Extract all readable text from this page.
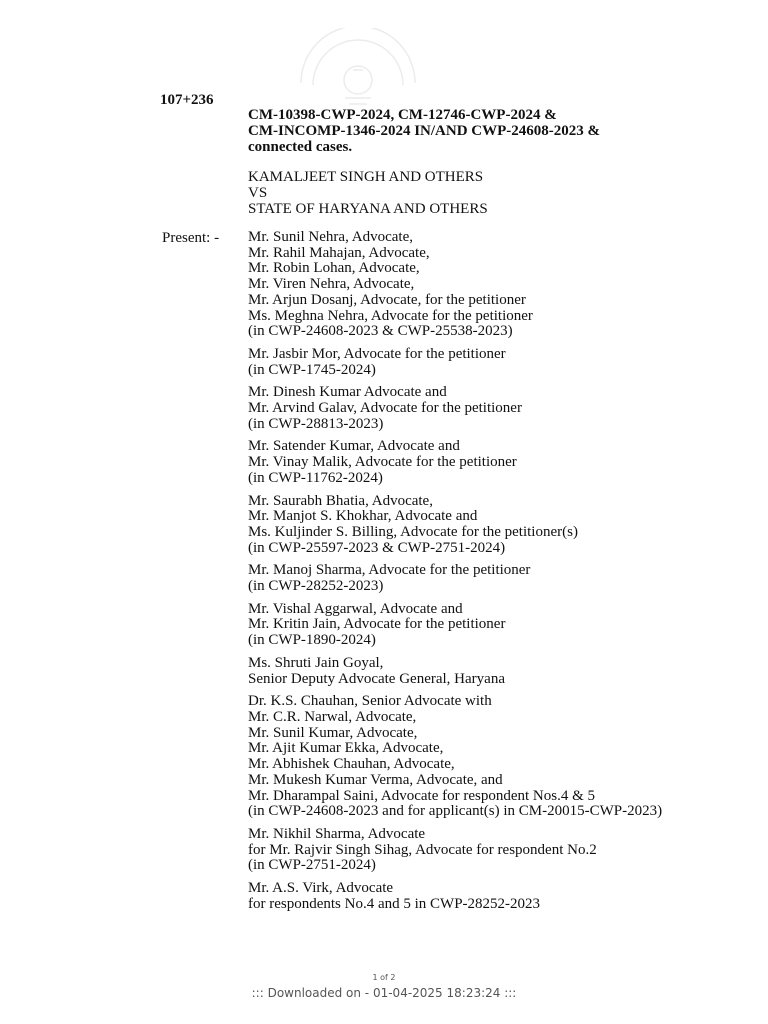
107+236
CM-10398-CWP-2024, CM-12746-CWP-2024 &
CM-INCOMP-1346-2024 IN/AND CWP-24608-2023 &
connected cases.
KAMALJEET SINGH AND OTHERS
VS
STATE OF HARYANA AND OTHERS
Present: - Mr. Sunil Nehra, Advocate,
Mr. Rahil Mahajan, Advocate,
Mr. Robin Lohan, Advocate,
Mr. Viren Nehra, Advocate,
Mr. Arjun Dosanj, Advocate, for the petitioner
Ms. Meghna Nehra, Advocate for the petitioner
(in CWP-24608-2023 & CWP-25538-2023)
Mr. Jasbir Mor, Advocate for the petitioner
(in CWP-1745-2024)
Mr. Dinesh Kumar Advocate and
Mr. Arvind Galav, Advocate for the petitioner
(in CWP-28813-2023)
Mr. Satender Kumar, Advocate and
Mr. Vinay Malik, Advocate for the petitioner
(in CWP-11762-2024)
Mr. Saurabh Bhatia, Advocate,
Mr. Manjot S. Khokhar, Advocate and
Ms. Kuljinder S. Billing, Advocate for the petitioner(s)
(in CWP-25597-2023 & CWP-2751-2024)
Mr. Manoj Sharma, Advocate for the petitioner
(in CWP-28252-2023)
Mr. Vishal Aggarwal, Advocate and
Mr. Kritin Jain, Advocate for the petitioner
(in CWP-1890-2024)
Ms. Shruti Jain Goyal,
Senior Deputy Advocate General, Haryana
Dr. K.S. Chauhan, Senior Advocate with
Mr. C.R. Narwal, Advocate,
Mr. Sunil Kumar, Advocate,
Mr. Ajit Kumar Ekka, Advocate,
Mr. Abhishek Chauhan, Advocate,
Mr. Mukesh Kumar Verma, Advocate, and
Mr. Dharampal Saini, Advocate for respondent Nos.4 & 5
(in CWP-24608-2023 and for applicant(s) in CM-20015-CWP-2023)
Mr. Nikhil Sharma, Advocate
for Mr. Rajvir Singh Sihag, Advocate for respondent No.2
(in CWP-2751-2024)
Mr. A.S. Virk, Advocate
for respondents No.4 and 5 in CWP-28252-2023
1 of 2
::: Downloaded on - 01-04-2025 18:23:24 :::
